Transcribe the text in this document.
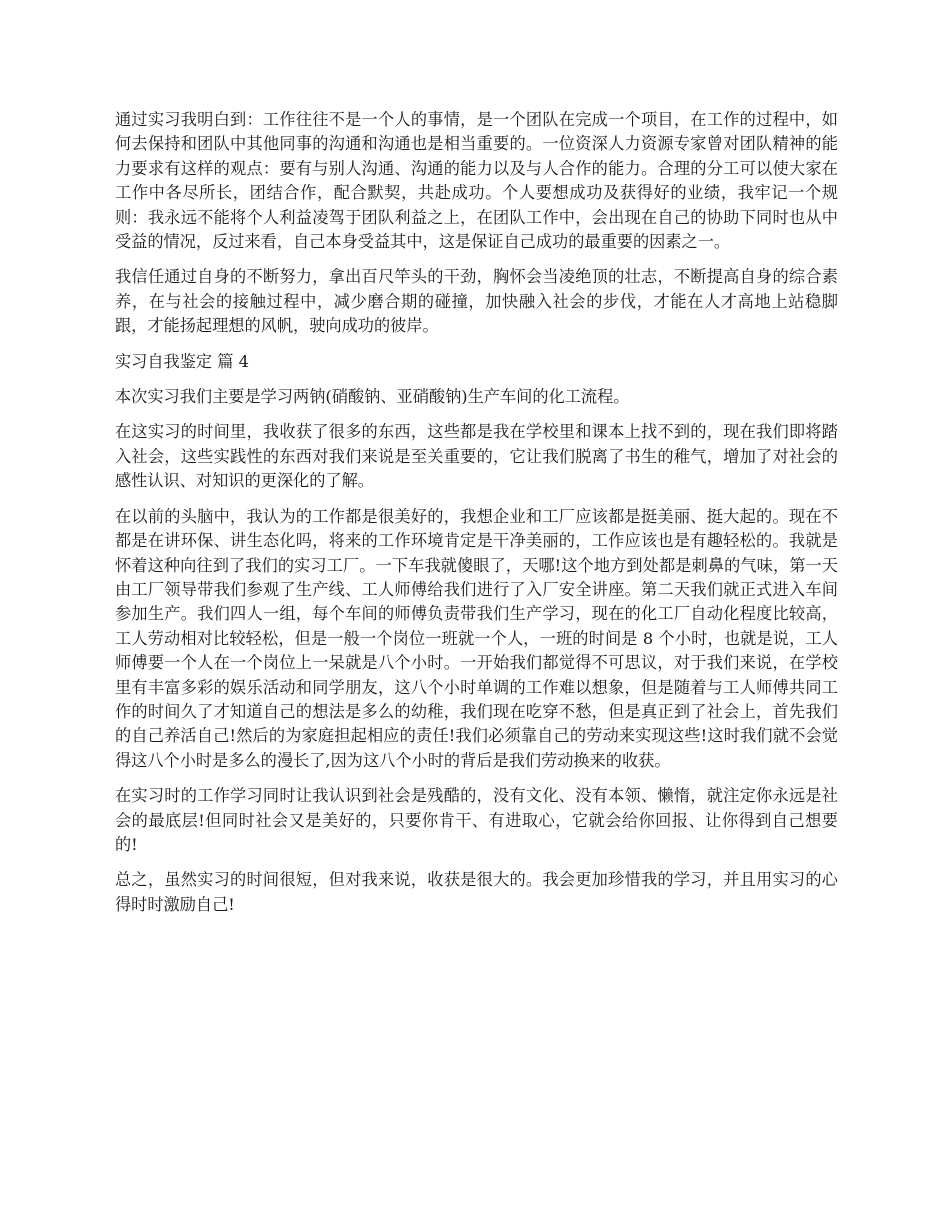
通过实习我明白到：工作往往不是一个人的事情，是一个团队在完成一个项目，在工作的过程中，如何去保持和团队中其他同事的沟通和沟通也是相当重要的。一位资深人力资源专家曾对团队精神的能力要求有这样的观点：要有与别人沟通、沟通的能力以及与人合作的能力。合理的分工可以使大家在工作中各尽所长，团结合作，配合默契，共赴成功。个人要想成功及获得好的业绩，我牢记一个规则：我永远不能将个人利益凌驾于团队利益之上，在团队工作中，会出现在自己的协助下同时也从中受益的情况，反过来看，自己本身受益其中，这是保证自己成功的最重要的因素之一。

我信任通过自身的不断努力，拿出百尺竿头的干劲，胸怀会当凌绝顶的壮志，不断提高自身的综合素养，在与社会的接触过程中，减少磨合期的碰撞，加快融入社会的步伐，才能在人才高地上站稳脚跟，才能扬起理想的风帆，驶向成功的彼岸。

实习自我鉴定 篇 4

本次实习我们主要是学习两钠(硝酸钠、亚硝酸钠)生产车间的化工流程。

在这实习的时间里，我收获了很多的东西，这些都是我在学校里和课本上找不到的，现在我们即将踏入社会，这些实践性的东西对我们来说是至关重要的，它让我们脱离了书生的稚气，增加了对社会的感性认识、对知识的更深化的了解。

在以前的头脑中，我认为的工作都是很美好的，我想企业和工厂应该都是挺美丽、挺大起的。现在不都是在讲环保、讲生态化吗，将来的工作环境肯定是干净美丽的，工作应该也是有趣轻松的。我就是怀着这种向往到了我们的实习工厂。一下车我就傻眼了，天哪!这个地方到处都是刺鼻的气味，第一天由工厂领导带我们参观了生产线、工人师傅给我们进行了入厂安全讲座。第二天我们就正式进入车间参加生产。我们四人一组，每个车间的师傅负责带我们生产学习，现在的化工厂自动化程度比较高，工人劳动相对比较轻松，但是一般一个岗位一班就一个人，一班的时间是 8 个小时，也就是说，工人师傅要一个人在一个岗位上一呆就是八个小时。一开始我们都觉得不可思议，对于我们来说，在学校里有丰富多彩的娱乐活动和同学朋友，这八个小时单调的工作难以想象，但是随着与工人师傅共同工作的时间久了才知道自己的想法是多么的幼稚，我们现在吃穿不愁，但是真正到了社会上，首先我们的自己养活自己!然后的为家庭担起相应的责任!我们必须靠自己的劳动来实现这些!这时我们就不会觉得这八个小时是多么的漫长了,因为这八个小时的背后是我们劳动换来的收获。

在实习时的工作学习同时让我认识到社会是残酷的，没有文化、没有本领、懒惰，就注定你永远是社会的最底层!但同时社会又是美好的，只要你肯干、有进取心，它就会给你回报、让你得到自己想要的!

总之，虽然实习的时间很短，但对我来说，收获是很大的。我会更加珍惜我的学习，并且用实习的心得时时激励自己!
